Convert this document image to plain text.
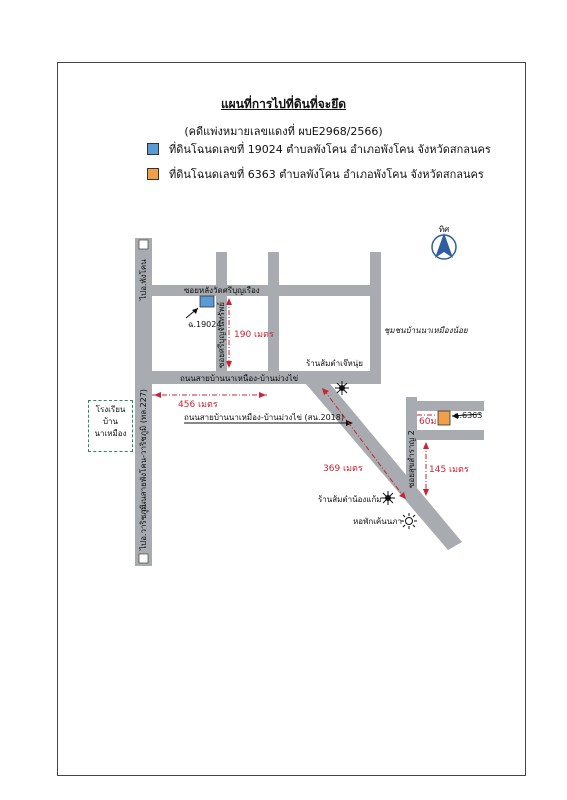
แผนที่การไปที่ดินที่จะยึด
(คดีแพ่งหมายเลขแดงที่ ผบE2968/2566)
ที่ดินโฉนดเลขที่ 19024 ตำบลพังโคน อำเภอพังโคน จังหวัดสกลนคร
ที่ดินโฉนดเลขที่ 6363 ตำบลพังโคน อำเภอพังโคน จังหวัดสกลนคร
ทิศ
ไปอ.พังโคน
ไปอ.วาริชภูมิ
ถนนสายพังโคน-วาริชภูมิ (ทล.227)
ซอยหลังวัดศรีบุญเรือง
ซอยศรีบุญจันทรัพย์
ถนนสายบ้านนาเหนือง-บ้านม่วงไข่
ถนนสายบ้านนาเหมือง-บ้านม่วงไข่ (สน.2018)
ชุมชนบ้านนาเหมืองน้อย
ร้านส้มตำเจ๊หนุ่ย
ร้านส้มตำน้องแก้ม
หอพักเค้นนภา
ซอยสุขสำราญ 2
ฉ.19024
ฉ.6363
190 เมตร
456 เมตร
369 เมตร
60ม
145 เมตร
โรงเรียน
บ้าน
นาเหมือง
